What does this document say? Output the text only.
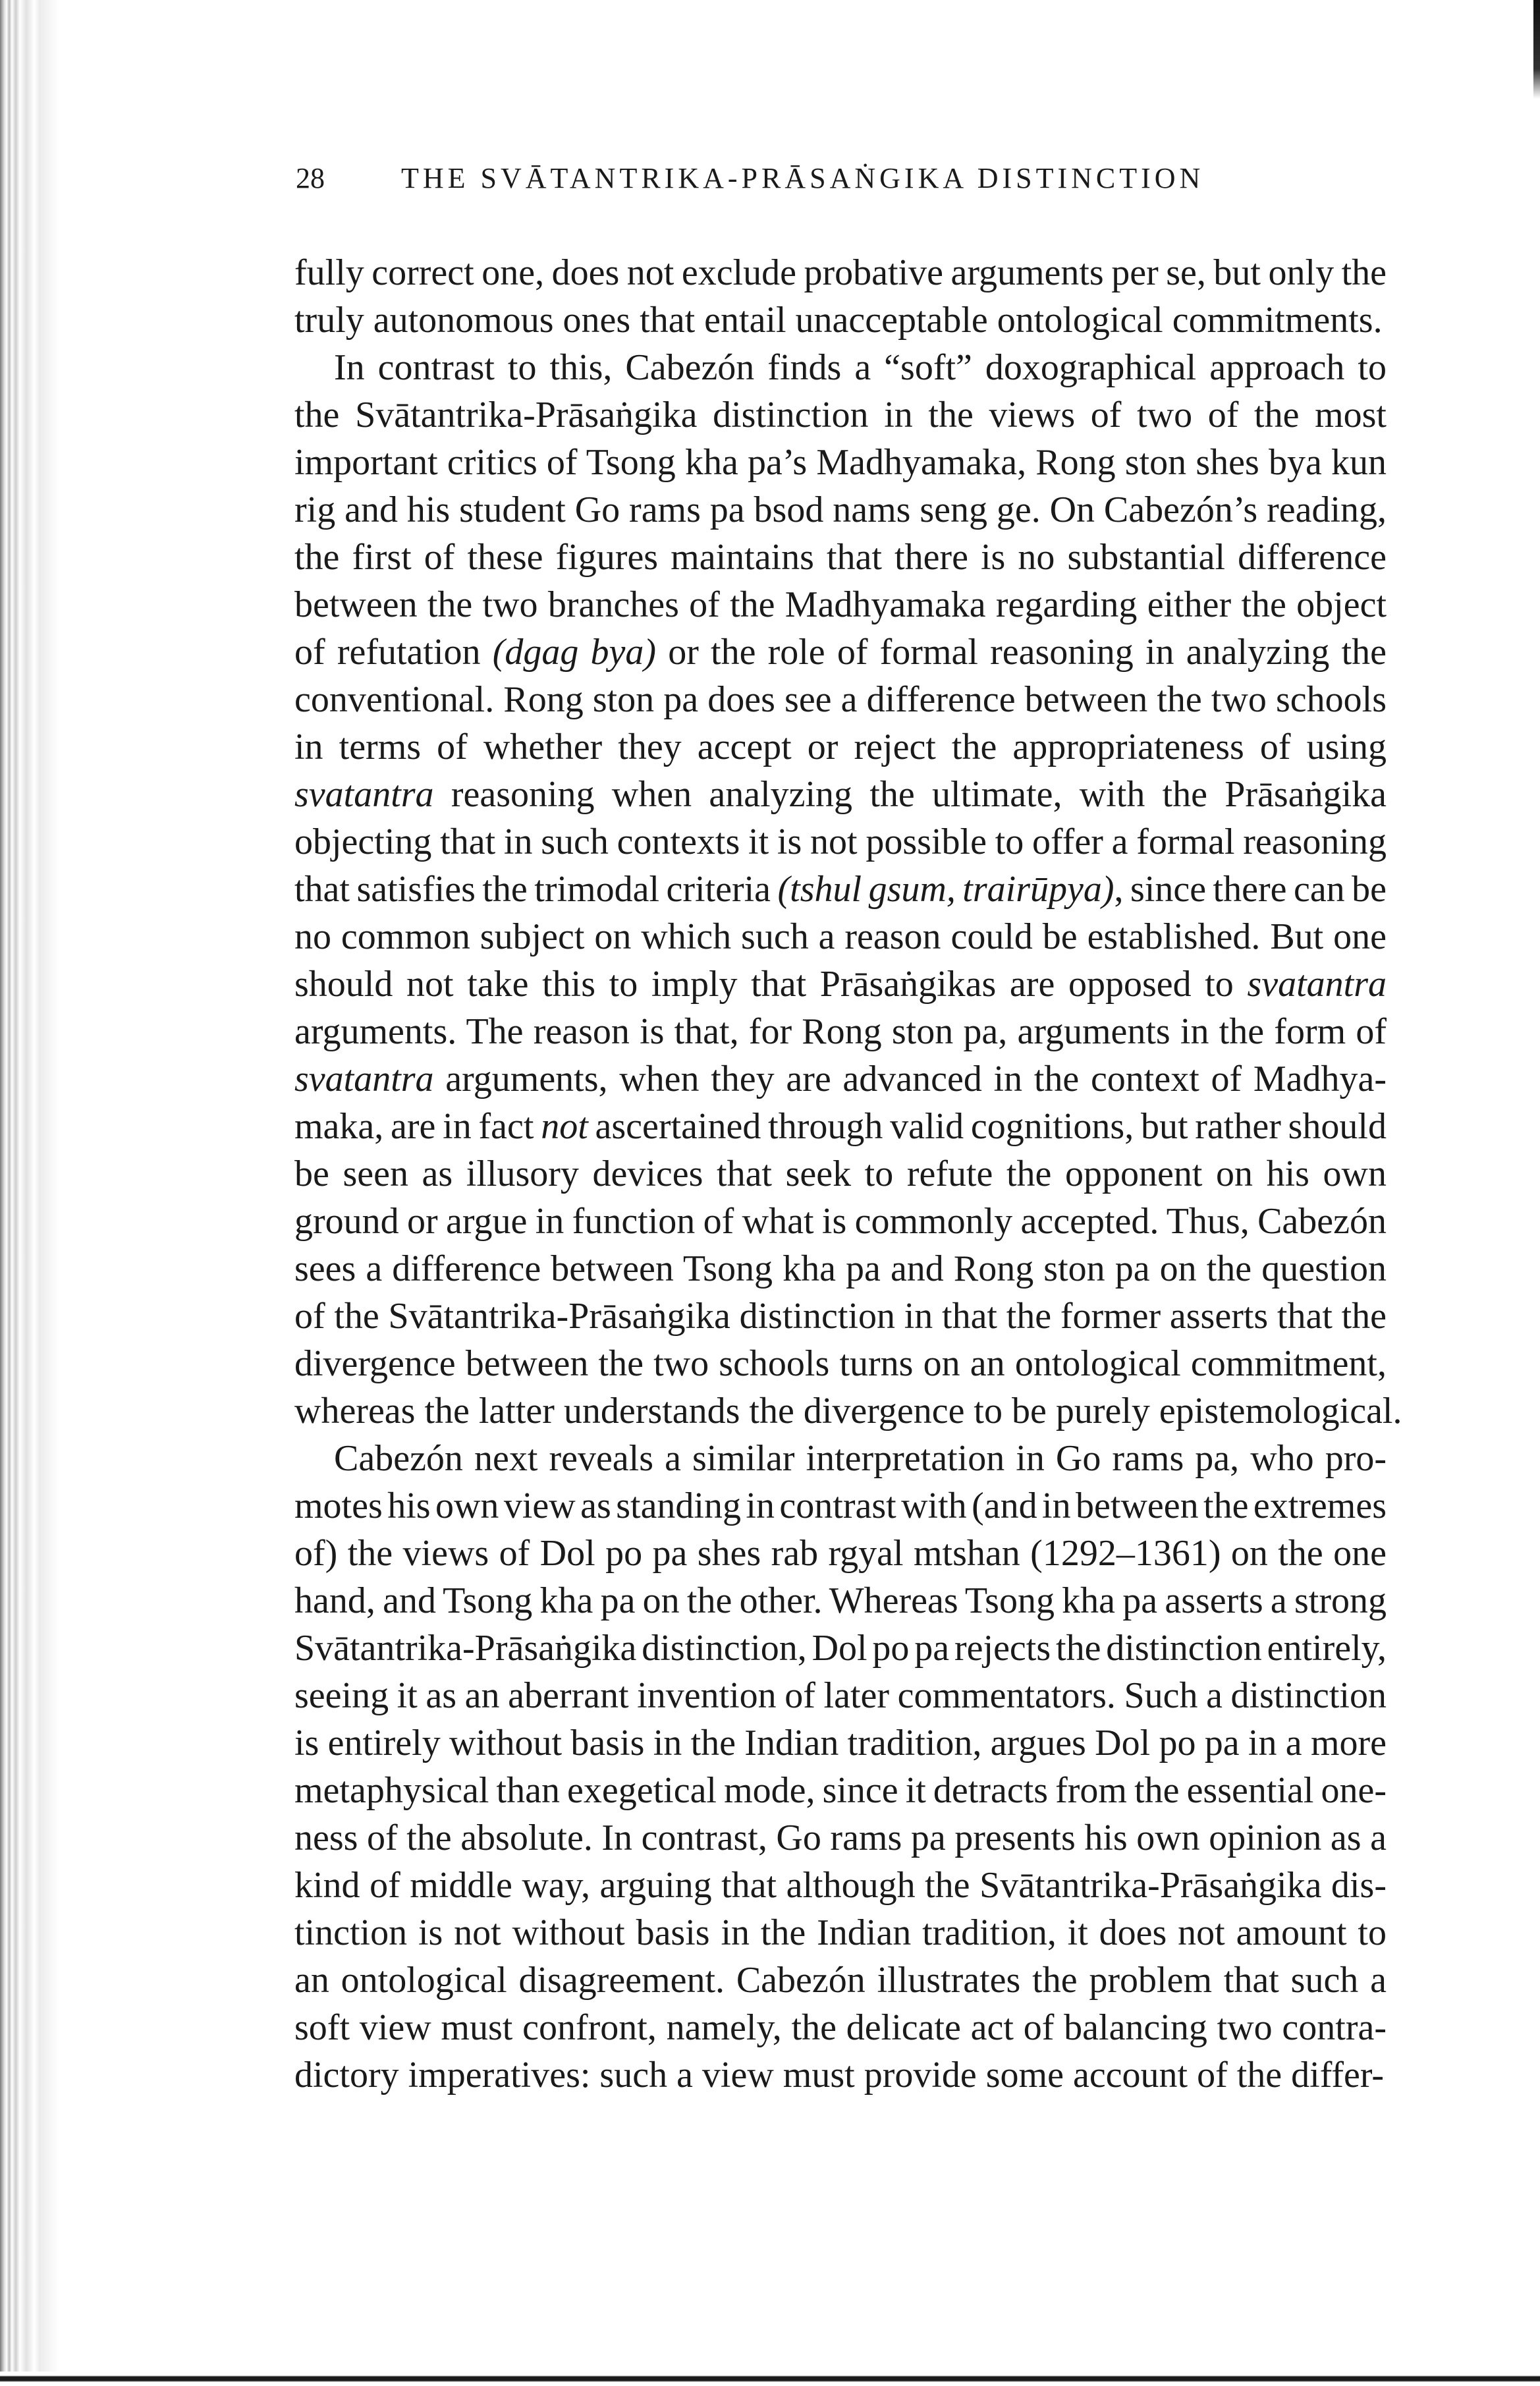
28	THE SVĀTANTRIKA-PRĀSAṄGIKA DISTINCTION

fully correct one, does not exclude probative arguments per se, but only the
truly autonomous ones that entail unacceptable ontological commitments.

In contrast to this, Cabezón finds a “soft” doxographical approach to
the Svātantrika-Prāsaṅgika distinction in the views of two of the most
important critics of Tsong kha pa’s Madhyamaka, Rong ston shes bya kun
rig and his student Go rams pa bsod nams seng ge. On Cabezón’s reading,
the first of these figures maintains that there is no substantial difference
between the two branches of the Madhyamaka regarding either the object
of refutation (dgag bya) or the role of formal reasoning in analyzing the
conventional. Rong ston pa does see a difference between the two schools
in terms of whether they accept or reject the appropriateness of using
svatantra reasoning when analyzing the ultimate, with the Prāsaṅgika
objecting that in such contexts it is not possible to offer a formal reasoning
that satisfies the trimodal criteria (tshul gsum, trairūpya), since there can be
no common subject on which such a reason could be established. But one
should not take this to imply that Prāsaṅgikas are opposed to svatantra
arguments. The reason is that, for Rong ston pa, arguments in the form of
svatantra arguments, when they are advanced in the context of Madhya-
maka, are in fact not ascertained through valid cognitions, but rather should
be seen as illusory devices that seek to refute the opponent on his own
ground or argue in function of what is commonly accepted. Thus, Cabezón
sees a difference between Tsong kha pa and Rong ston pa on the question
of the Svātantrika-Prāsaṅgika distinction in that the former asserts that the
divergence between the two schools turns on an ontological commitment,
whereas the latter understands the divergence to be purely epistemological.

Cabezón next reveals a similar interpretation in Go rams pa, who pro-
motes his own view as standing in contrast with (and in between the extremes
of) the views of Dol po pa shes rab rgyal mtshan (1292–1361) on the one
hand, and Tsong kha pa on the other. Whereas Tsong kha pa asserts a strong
Svātantrika-Prāsaṅgika distinction, Dol po pa rejects the distinction entirely,
seeing it as an aberrant invention of later commentators. Such a distinction
is entirely without basis in the Indian tradition, argues Dol po pa in a more
metaphysical than exegetical mode, since it detracts from the essential one-
ness of the absolute. In contrast, Go rams pa presents his own opinion as a
kind of middle way, arguing that although the Svātantrika-Prāsaṅgika dis-
tinction is not without basis in the Indian tradition, it does not amount to
an ontological disagreement. Cabezón illustrates the problem that such a
soft view must confront, namely, the delicate act of balancing two contra-
dictory imperatives: such a view must provide some account of the differ-
